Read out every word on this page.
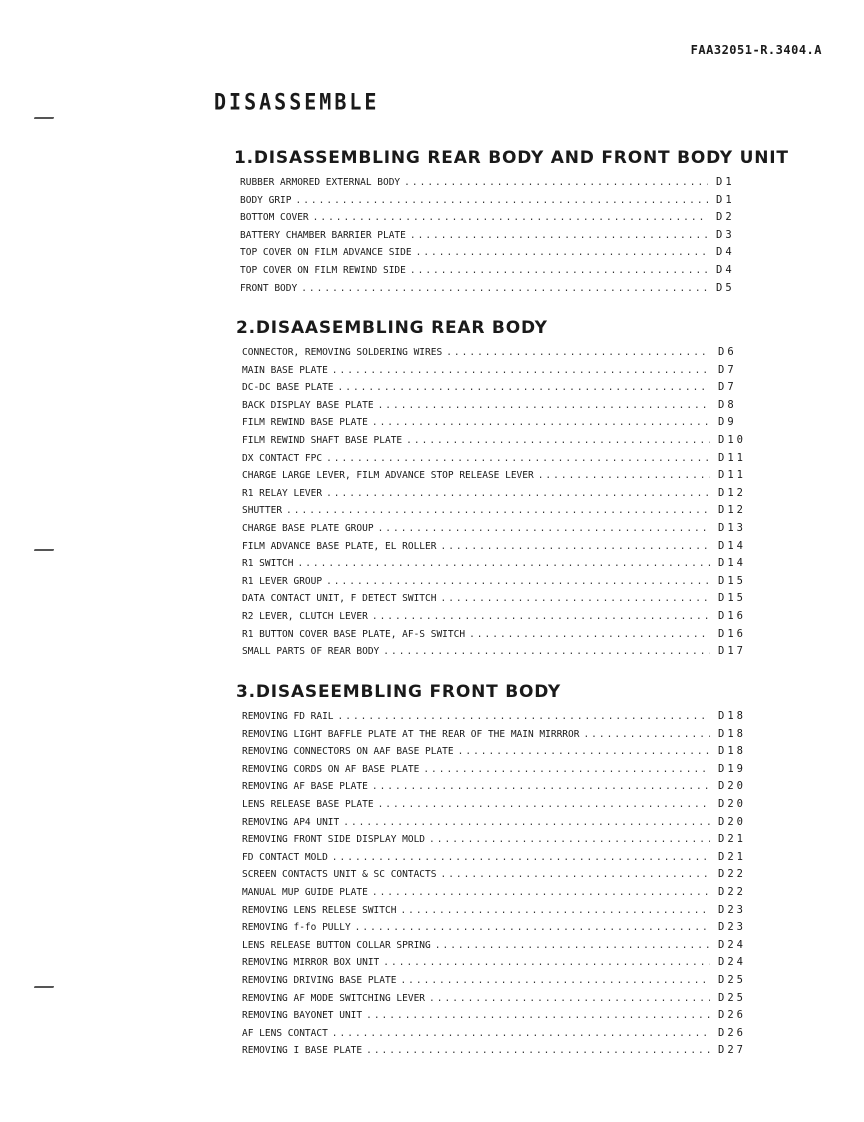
FAA32051-R.3404.A
DISASSEMBLE
1.DISASSEMBLING REAR BODY AND FRONT BODY UNIT
RUBBER ARMORED EXTERNAL BODY .....	D1
BODY GRIP .....	D1
BOTTOM COVER .....	D2
BATTERY CHAMBER BARRIER PLATE .....	D3
TOP COVER ON FILM ADVANCE SIDE .....	D4
TOP COVER ON FILM REWIND SIDE .....	D4
FRONT BODY .....	D5
2.DISAASEMBLING REAR BODY
CONNECTOR, REMOVING SOLDERING WIRES .....	D6
MAIN BASE PLATE .....	D7
DC-DC BASE PLATE .....	D7
BACK DISPLAY BASE PLATE .....	D8
FILM REWIND BASE PLATE .....	D9
FILM REWIND SHAFT BASE PLATE .....	D10
DX CONTACT FPC .....	D11
CHARGE LARGE LEVER, FILM ADVANCE STOP RELEASE LEVER .....	D11
R1 RELAY LEVER .....	D12
SHUTTER .....	D12
CHARGE BASE PLATE GROUP .....	D13
FILM ADVANCE BASE PLATE, EL ROLLER .....	D14
R1 SWITCH .....	D14
R1 LEVER GROUP .....	D15
DATA CONTACT UNIT, F DETECT SWITCH .....	D15
R2 LEVER, CLUTCH LEVER .....	D16
R1 BUTTON COVER BASE PLATE, AF-S SWITCH .....	D16
SMALL PARTS OF REAR BODY .....	D17
3.DISASEEMBLING FRONT BODY
REMOVING FD RAIL .....	D18
REMOVING LIGHT BAFFLE PLATE AT THE REAR OF THE MAIN MIRRROR .....	D18
REMOVING CONNECTORS ON AAF BASE PLATE .....	D18
REMOVING CORDS ON AF BASE PLATE .....	D19
REMOVING AF BASE PLATE .....	D20
LENS RELEASE BASE PLATE .....	D20
REMOVING AP4 UNIT .....	D20
REMOVING FRONT SIDE DISPLAY MOLD .....	D21
FD CONTACT MOLD .....	D21
SCREEN CONTACTS UNIT & SC CONTACTS .....	D22
MANUAL MUP GUIDE PLATE .....	D22
REMOVING LENS RELESE SWITCH .....	D23
REMOVING f-fo PULLY .....	D23
LENS RELEASE BUTTON COLLAR SPRING .....	D24
REMOVING MIRROR BOX UNIT .....	D24
REMOVING DRIVING BASE PLATE .....	D25
REMOVING AF MODE SWITCHING LEVER .....	D25
REMOVING BAYONET UNIT .....	D26
AF LENS CONTACT .....	D26
REMOVING I BASE PLATE .....	D27
